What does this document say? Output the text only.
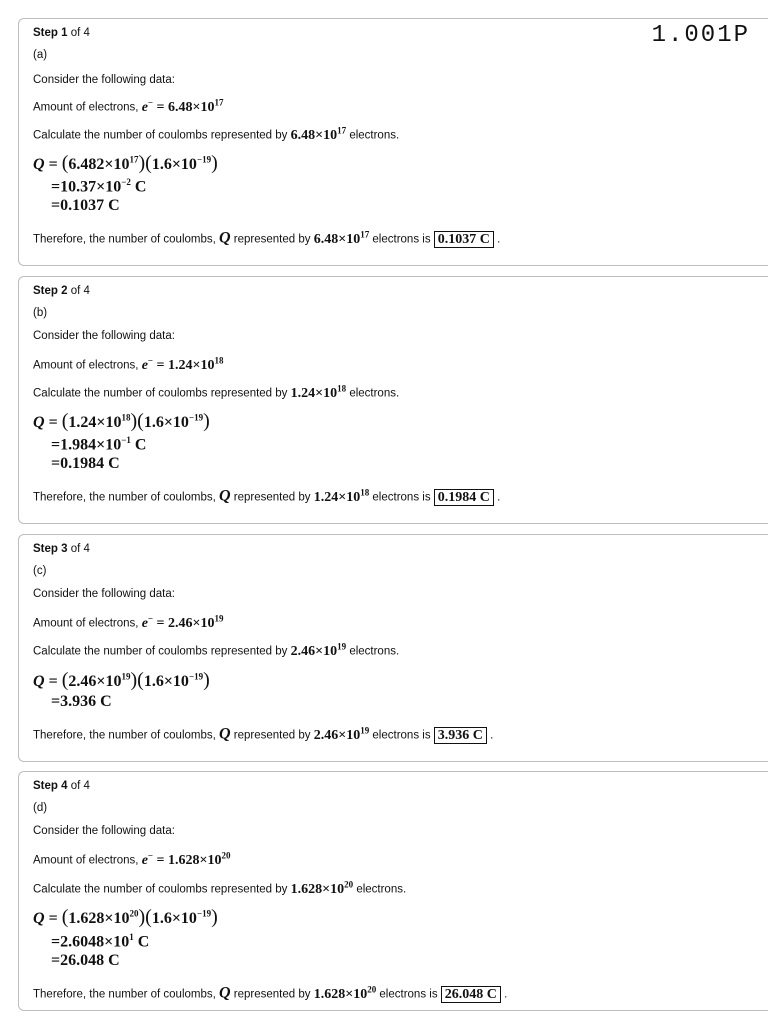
1.001P
Step 1 of 4
(a)
Consider the following data:
Amount of electrons, $e^- = 6.48\times 10^{17}$
Calculate the number of coulombs represented by $6.48\times 10^{17}$ electrons.
$Q = (6.482\times 10^{17})(1.6\times 10^{-19})$
$=10.37\times 10^{-2}$ C
=0.1037 C
Therefore, the number of coulombs, Q represented by $6.48\times 10^{17}$ electrons is 0.1037 C .
Step 2 of 4
(b)
Consider the following data:
Amount of electrons, $e^- = 1.24\times 10^{18}$
Calculate the number of coulombs represented by $1.24\times 10^{18}$ electrons.
$Q = (1.24\times 10^{18})(1.6\times 10^{-19})$
$=1.984\times 10^{-1}$ C
=0.1984 C
Therefore, the number of coulombs, Q represented by $1.24\times 10^{18}$ electrons is 0.1984 C .
Step 3 of 4
(c)
Consider the following data:
Amount of electrons, $e^- = 2.46\times 10^{19}$
Calculate the number of coulombs represented by $2.46\times 10^{19}$ electrons.
$Q = (2.46\times 10^{19})(1.6\times 10^{-19})$
=3.936 C
Therefore, the number of coulombs, Q represented by $2.46\times 10^{19}$ electrons is 3.936 C .
Step 4 of 4
(d)
Consider the following data:
Amount of electrons, $e^- = 1.628\times 10^{20}$
Calculate the number of coulombs represented by $1.628\times 10^{20}$ electrons.
$Q = (1.628\times 10^{20})(1.6\times 10^{-19})$
$=2.6048\times 10^1$ C
=26.048 C
Therefore, the number of coulombs, Q represented by $1.628\times 10^{20}$ electrons is 26.048 C .
